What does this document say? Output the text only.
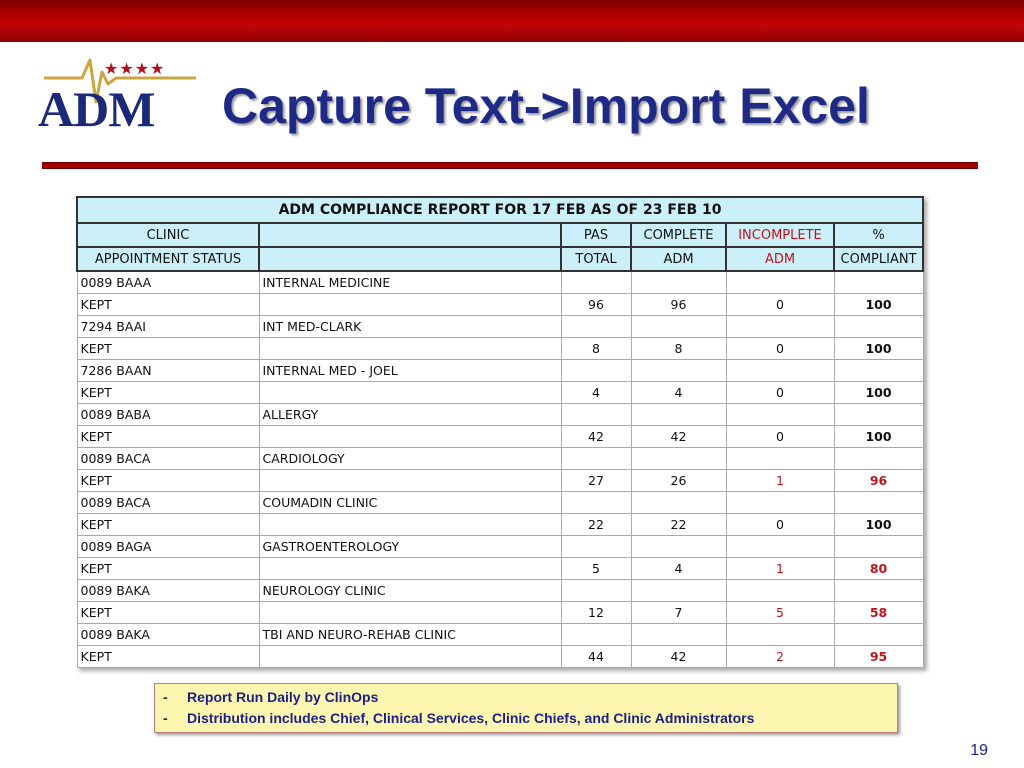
★★★★
ADM Capture Text->Import Excel
ADM COMPLIANCE REPORT FOR 17 FEB AS OF 23 FEB 10					
CLINIC		PAS	COMPLETE	INCOMPLETE	%
APPOINTMENT STATUS		TOTAL	ADM	ADM	COMPLIANT
0089 BAAA	INTERNAL MEDICINE				
KEPT		96	96	0	100
7294 BAAI	INT MED-CLARK				
KEPT		8	8	0	100
7286 BAAN	INTERNAL MED - JOEL				
KEPT		4	4	0	100
0089 BABA	ALLERGY				
KEPT		42	42	0	100
0089 BACA	CARDIOLOGY				
KEPT		27	26	1	96
0089 BACA	COUMADIN CLINIC				
KEPT		22	22	0	100
0089 BAGA	GASTROENTEROLOGY				
KEPT		5	4	1	80
0089 BAKA	NEUROLOGY CLINIC				
KEPT		12	7	5	58
0089 BAKA	TBI AND NEURO-REHAB CLINIC				
KEPT		44	42	2	95
- Report Run Daily by ClinOps
- Distribution includes Chief, Clinical Services, Clinic Chiefs, and Clinic Administrators
19
